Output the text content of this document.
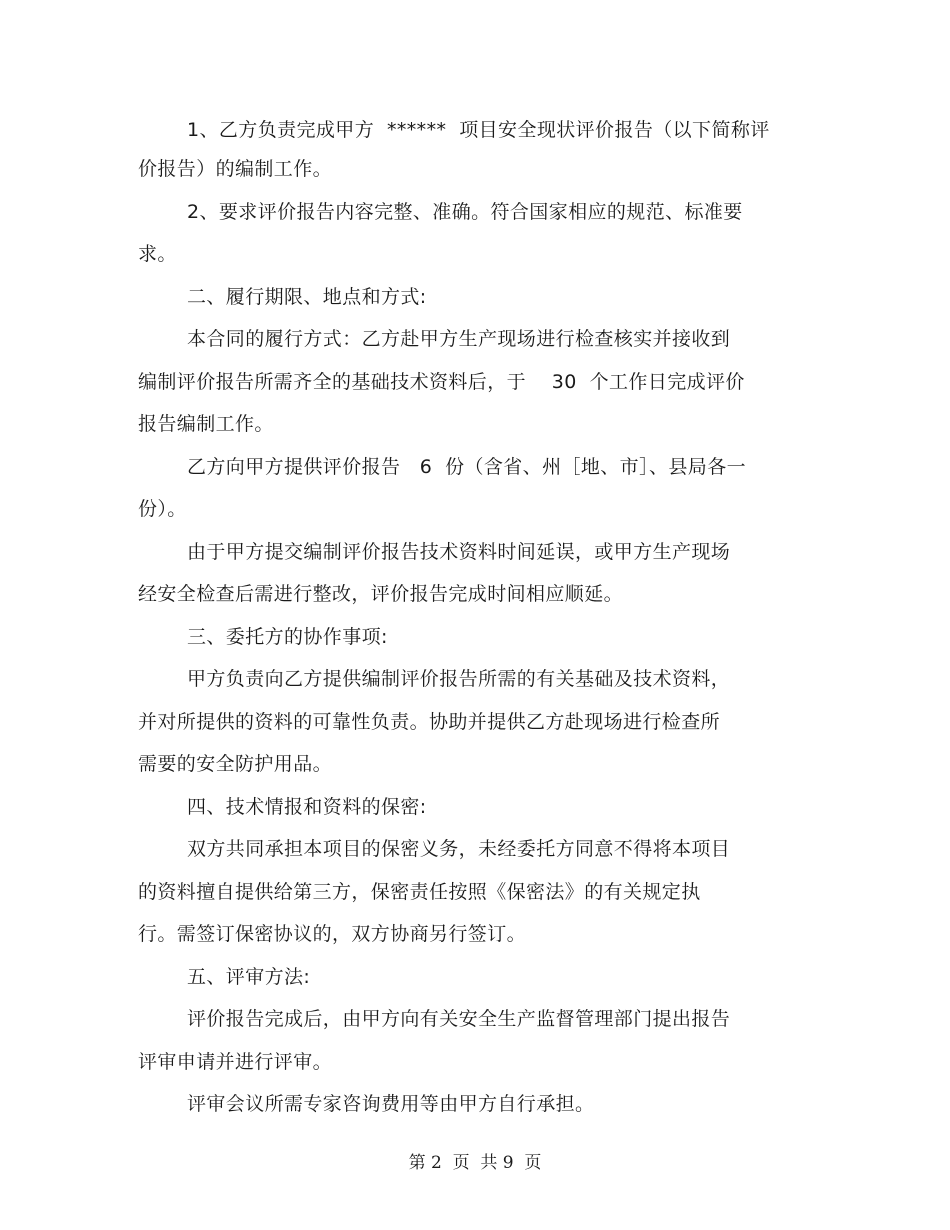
1、乙方负责完成甲方  ******  项目安全现状评价报告（以下简称评
价报告）的编制工作。
2、要求评价报告内容完整、准确。符合国家相应的规范、标准要
求。
二、履行期限、地点和方式:
本合同的履行方式：乙方赴甲方生产现场进行检查核实并接收到
编制评价报告所需齐全的基础技术资料后，于    30  个工作日完成评价
报告编制工作。
乙方向甲方提供评价报告   6  份（含省、州［地、市］、县局各一
份）。
由于甲方提交编制评价报告技术资料时间延误，或甲方生产现场
经安全检查后需进行整改，评价报告完成时间相应顺延。
三、委托方的协作事项:
甲方负责向乙方提供编制评价报告所需的有关基础及技术资料，
并对所提供的资料的可靠性负责。协助并提供乙方赴现场进行检查所
需要的安全防护用品。
四、技术情报和资料的保密:
双方共同承担本项目的保密义务，未经委托方同意不得将本项目
的资料擅自提供给第三方，保密责任按照《保密法》的有关规定执
行。需签订保密协议的，双方协商另行签订。
五、评审方法:
评价报告完成后，由甲方向有关安全生产监督管理部门提出报告
评审申请并进行评审。
评审会议所需专家咨询费用等由甲方自行承担。
第 2  页  共 9  页
